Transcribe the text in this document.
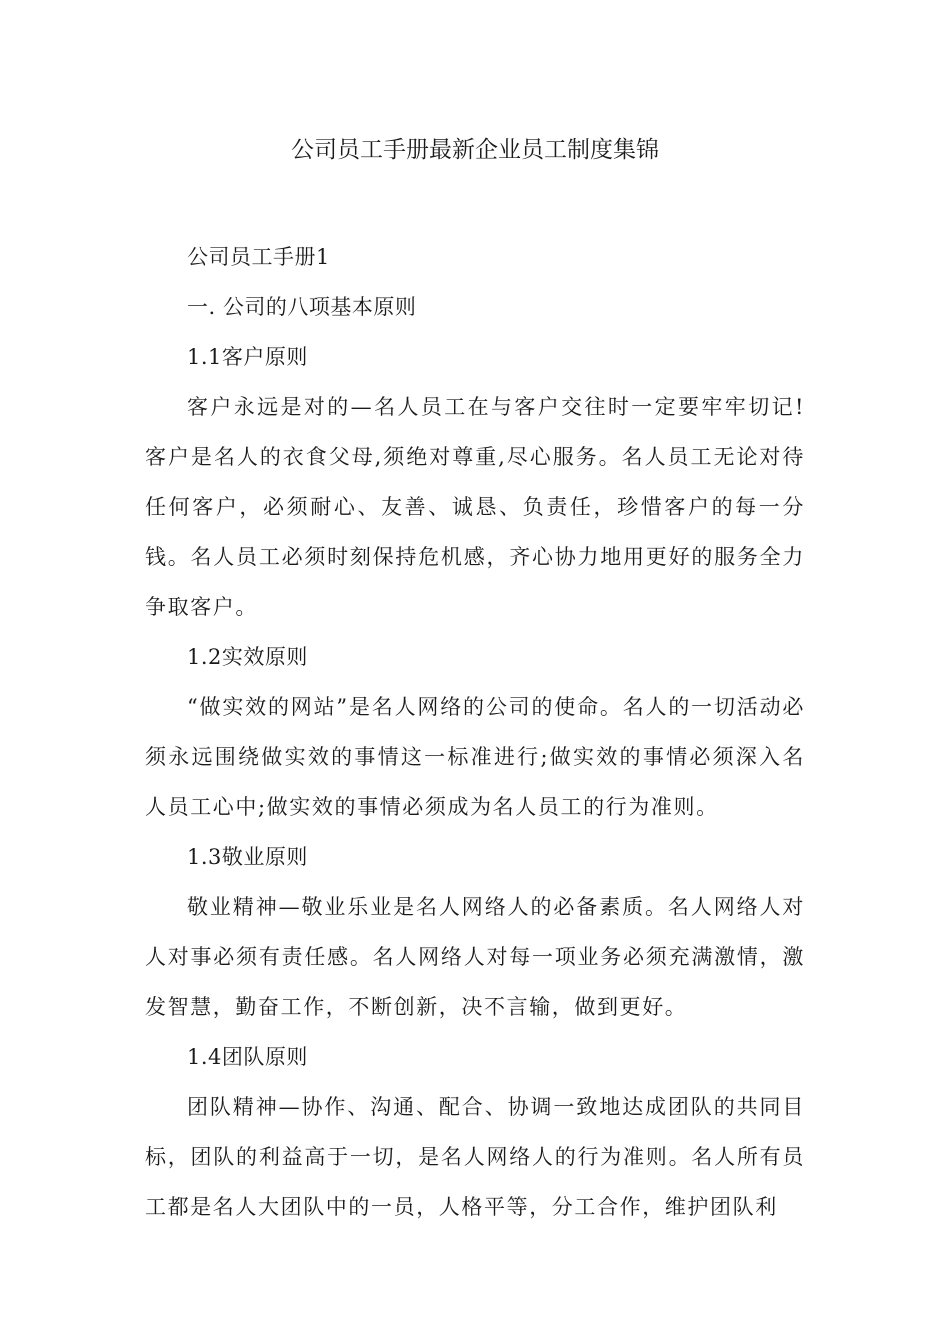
公司员工手册最新企业员工制度集锦

公司员工手册1

一. 公司的八项基本原则

1.1客户原则

客户永远是对的—名人员工在与客户交往时一定要牢牢切记!客户是名人的衣食父母,须绝对尊重,尽心服务。名人员工无论对待任何客户，必须耐心、友善、诚恳、负责任，珍惜客户的每一分钱。名人员工必须时刻保持危机感，齐心协力地用更好的服务全力争取客户。

1.2实效原则

“做实效的网站”是名人网络的公司的使命。名人的一切活动必须永远围绕做实效的事情这一标准进行;做实效的事情必须深入名人员工心中;做实效的事情必须成为名人员工的行为准则。

1.3敬业原则

敬业精神—敬业乐业是名人网络人的必备素质。名人网络人对人对事必须有责任感。名人网络人对每一项业务必须充满激情，激发智慧，勤奋工作，不断创新，决不言输，做到更好。

1.4团队原则

团队精神—协作、沟通、配合、协调一致地达成团队的共同目标，团队的利益高于一切，是名人网络人的行为准则。名人所有员工都是名人大团队中的一员，人格平等，分工合作，维护团队利
